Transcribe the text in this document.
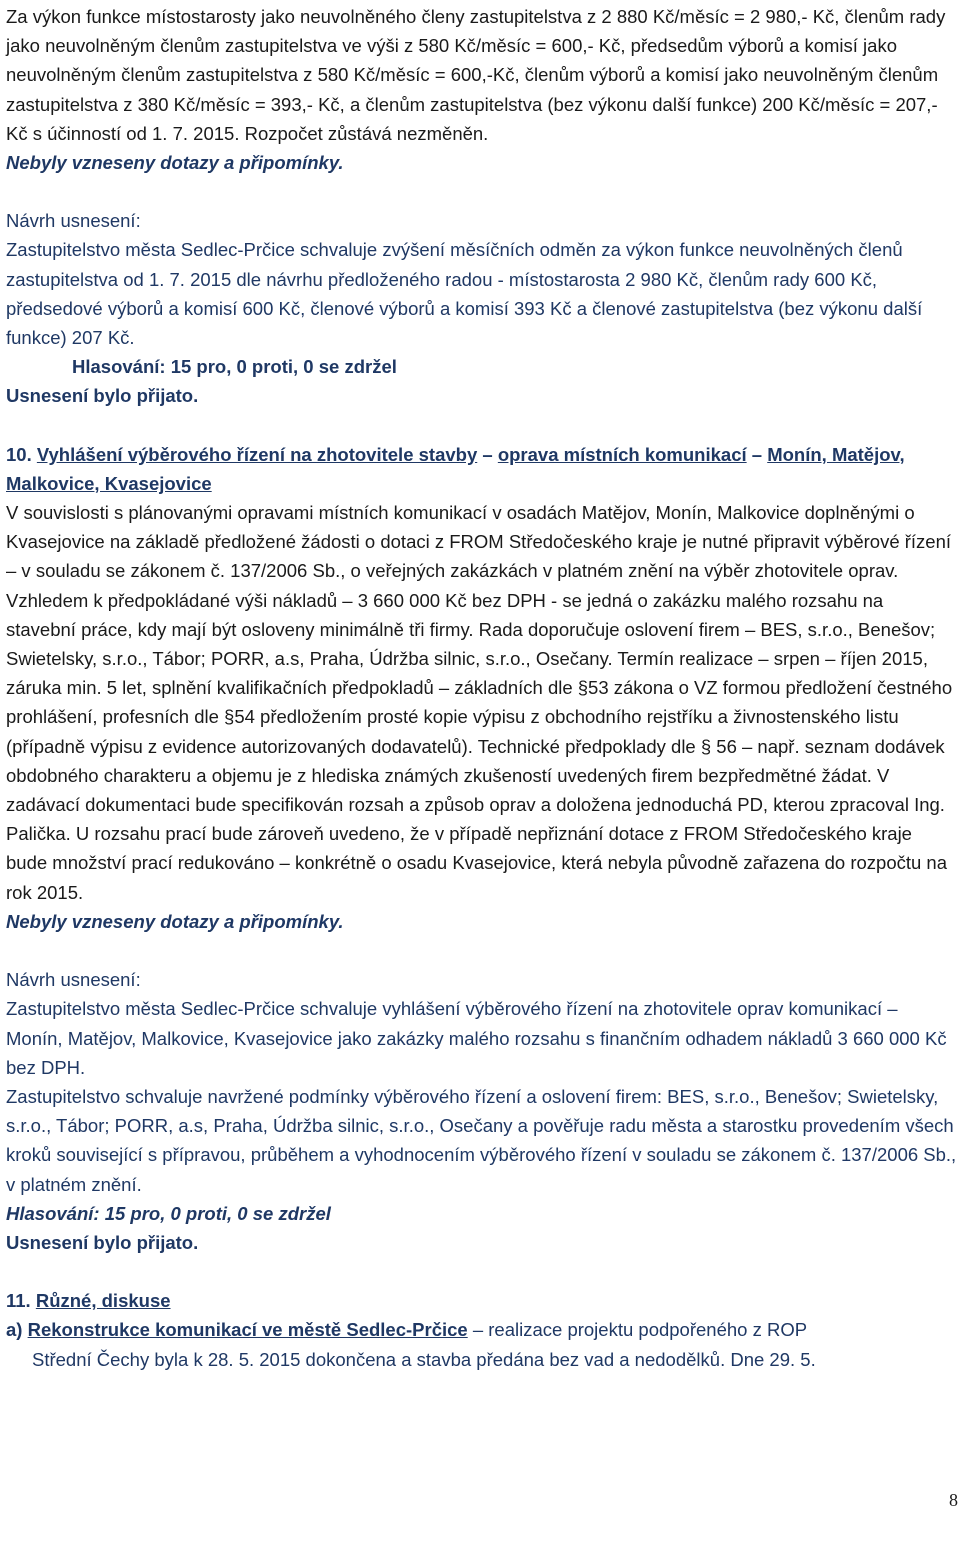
Za výkon funkce místostarosty jako neuvolněného členy zastupitelstva z 2 880 Kč/měsíc = 2 980,- Kč, členům rady jako neuvolněným členům zastupitelstva ve výši z 580 Kč/měsíc = 600,- Kč, předsedům výborů a komisí jako neuvolněným členům zastupitelstva z 580 Kč/měsíc = 600,-Kč, členům výborů a komisí jako neuvolněným členům zastupitelstva z 380 Kč/měsíc = 393,- Kč, a členům zastupitelstva (bez výkonu další funkce) 200 Kč/měsíc = 207,- Kč s účinností od 1. 7. 2015. Rozpočet zůstává nezměněn.

Nebyly vzneseny dotazy a připomínky.

Návrh usnesení:

Zastupitelstvo města Sedlec-Prčice schvaluje zvýšení měsíčních odměn za výkon funkce neuvolněných členů zastupitelstva od 1. 7. 2015 dle návrhu předloženého radou - místostarosta 2 980 Kč, členům rady 600 Kč, předsedové výborů a komisí 600 Kč, členové výborů a komisí 393 Kč a členové zastupitelstva (bez výkonu další funkce) 207 Kč.

Hlasování: 15 pro, 0 proti, 0 se zdržel

Usnesení bylo přijato.

10. Vyhlášení výběrového řízení na zhotovitele stavby – oprava místních komunikací – Monín, Matějov, Malkovice, Kvasejovice

V souvislosti s plánovanými opravami místních komunikací v osadách Matějov, Monín, Malkovice doplněnými o Kvasejovice na základě předložené žádosti o dotaci z FROM Středočeského kraje je nutné připravit výběrové řízení – v souladu se zákonem č. 137/2006 Sb., o veřejných zakázkách v platném znění na výběr zhotovitele oprav. Vzhledem k předpokládané výši nákladů – 3 660 000 Kč bez DPH - se jedná o zakázku malého rozsahu na stavební práce, kdy mají být osloveny minimálně tři firmy. Rada doporučuje oslovení firem – BES, s.r.o., Benešov; Swietelsky, s.r.o., Tábor; PORR, a.s, Praha, Údržba silnic, s.r.o., Osečany. Termín realizace – srpen – říjen 2015, záruka min. 5 let, splnění kvalifikačních předpokladů – základních dle §53 zákona o VZ formou předložení čestného prohlášení, profesních dle §54 předložením prosté kopie výpisu z obchodního rejstříku a živnostenského listu (případně výpisu z evidence autorizovaných dodavatelů). Technické předpoklady dle § 56 – např. seznam dodávek obdobného charakteru a objemu je z hlediska známých zkušeností uvedených firem bezpředmětné žádat. V zadávací dokumentaci bude specifikován rozsah a způsob oprav a doložena jednoduchá PD, kterou zpracoval Ing. Palička. U rozsahu prací bude zároveň uvedeno, že v případě nepřiznání dotace z FROM Středočeského kraje bude množství prací redukováno – konkrétně o osadu Kvasejovice, která nebyla původně zařazena do rozpočtu na rok 2015.

Nebyly vzneseny dotazy a připomínky.

Návrh usnesení:

Zastupitelstvo města Sedlec-Prčice schvaluje vyhlášení výběrového řízení na zhotovitele oprav komunikací – Monín, Matějov, Malkovice, Kvasejovice jako zakázky malého rozsahu s finančním odhadem nákladů 3 660 000 Kč bez DPH.

Zastupitelstvo schvaluje navržené podmínky výběrového řízení a oslovení firem: BES, s.r.o., Benešov; Swietelsky, s.r.o., Tábor; PORR, a.s, Praha, Údržba silnic, s.r.o., Osečany a pověřuje radu města a starostku provedením všech kroků související s přípravou, průběhem a vyhodnocením výběrového řízení v souladu se zákonem č. 137/2006 Sb., v platném znění.

Hlasování: 15 pro, 0 proti, 0 se zdržel

Usnesení bylo přijato.

11. Různé, diskuse

a) Rekonstrukce komunikací ve městě Sedlec-Prčice – realizace projektu podpořeného z ROP

Střední Čechy byla k 28. 5. 2015 dokončena a stavba předána bez vad a nedodělků. Dne 29. 5.

8
